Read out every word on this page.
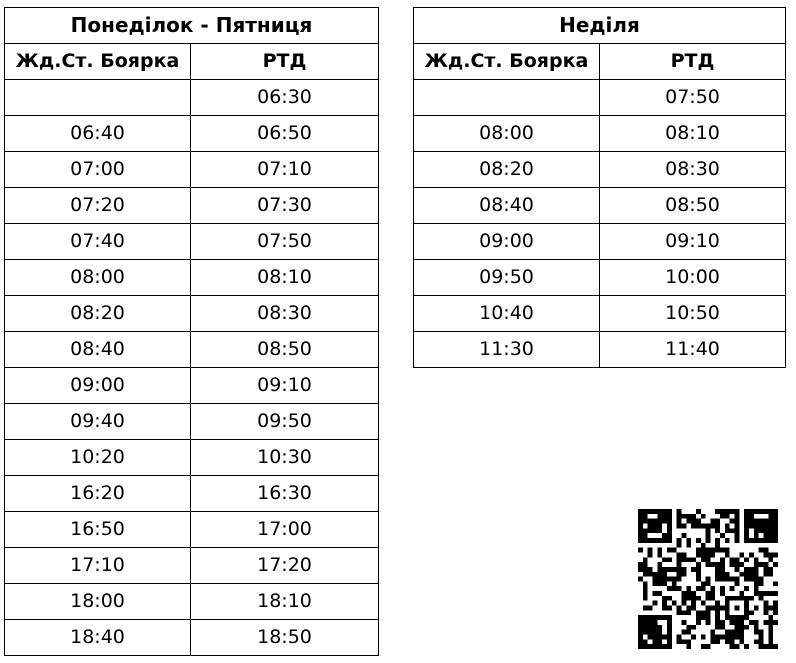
Понеділок - Пятниця	
Жд.Ст. Боярка	РТД
	06:30
06:40	06:50
07:00	07:10
07:20	07:30
07:40	07:50
08:00	08:10
08:20	08:30
08:40	08:50
09:00	09:10
09:40	09:50
10:20	10:30
16:20	16:30
16:50	17:00
17:10	17:20
18:00	18:10
18:40	18:50
Неділя	
Жд.Ст. Боярка	РТД
	07:50
08:00	08:10
08:20	08:30
08:40	08:50
09:00	09:10
09:50	10:00
10:40	10:50
11:30	11:40
